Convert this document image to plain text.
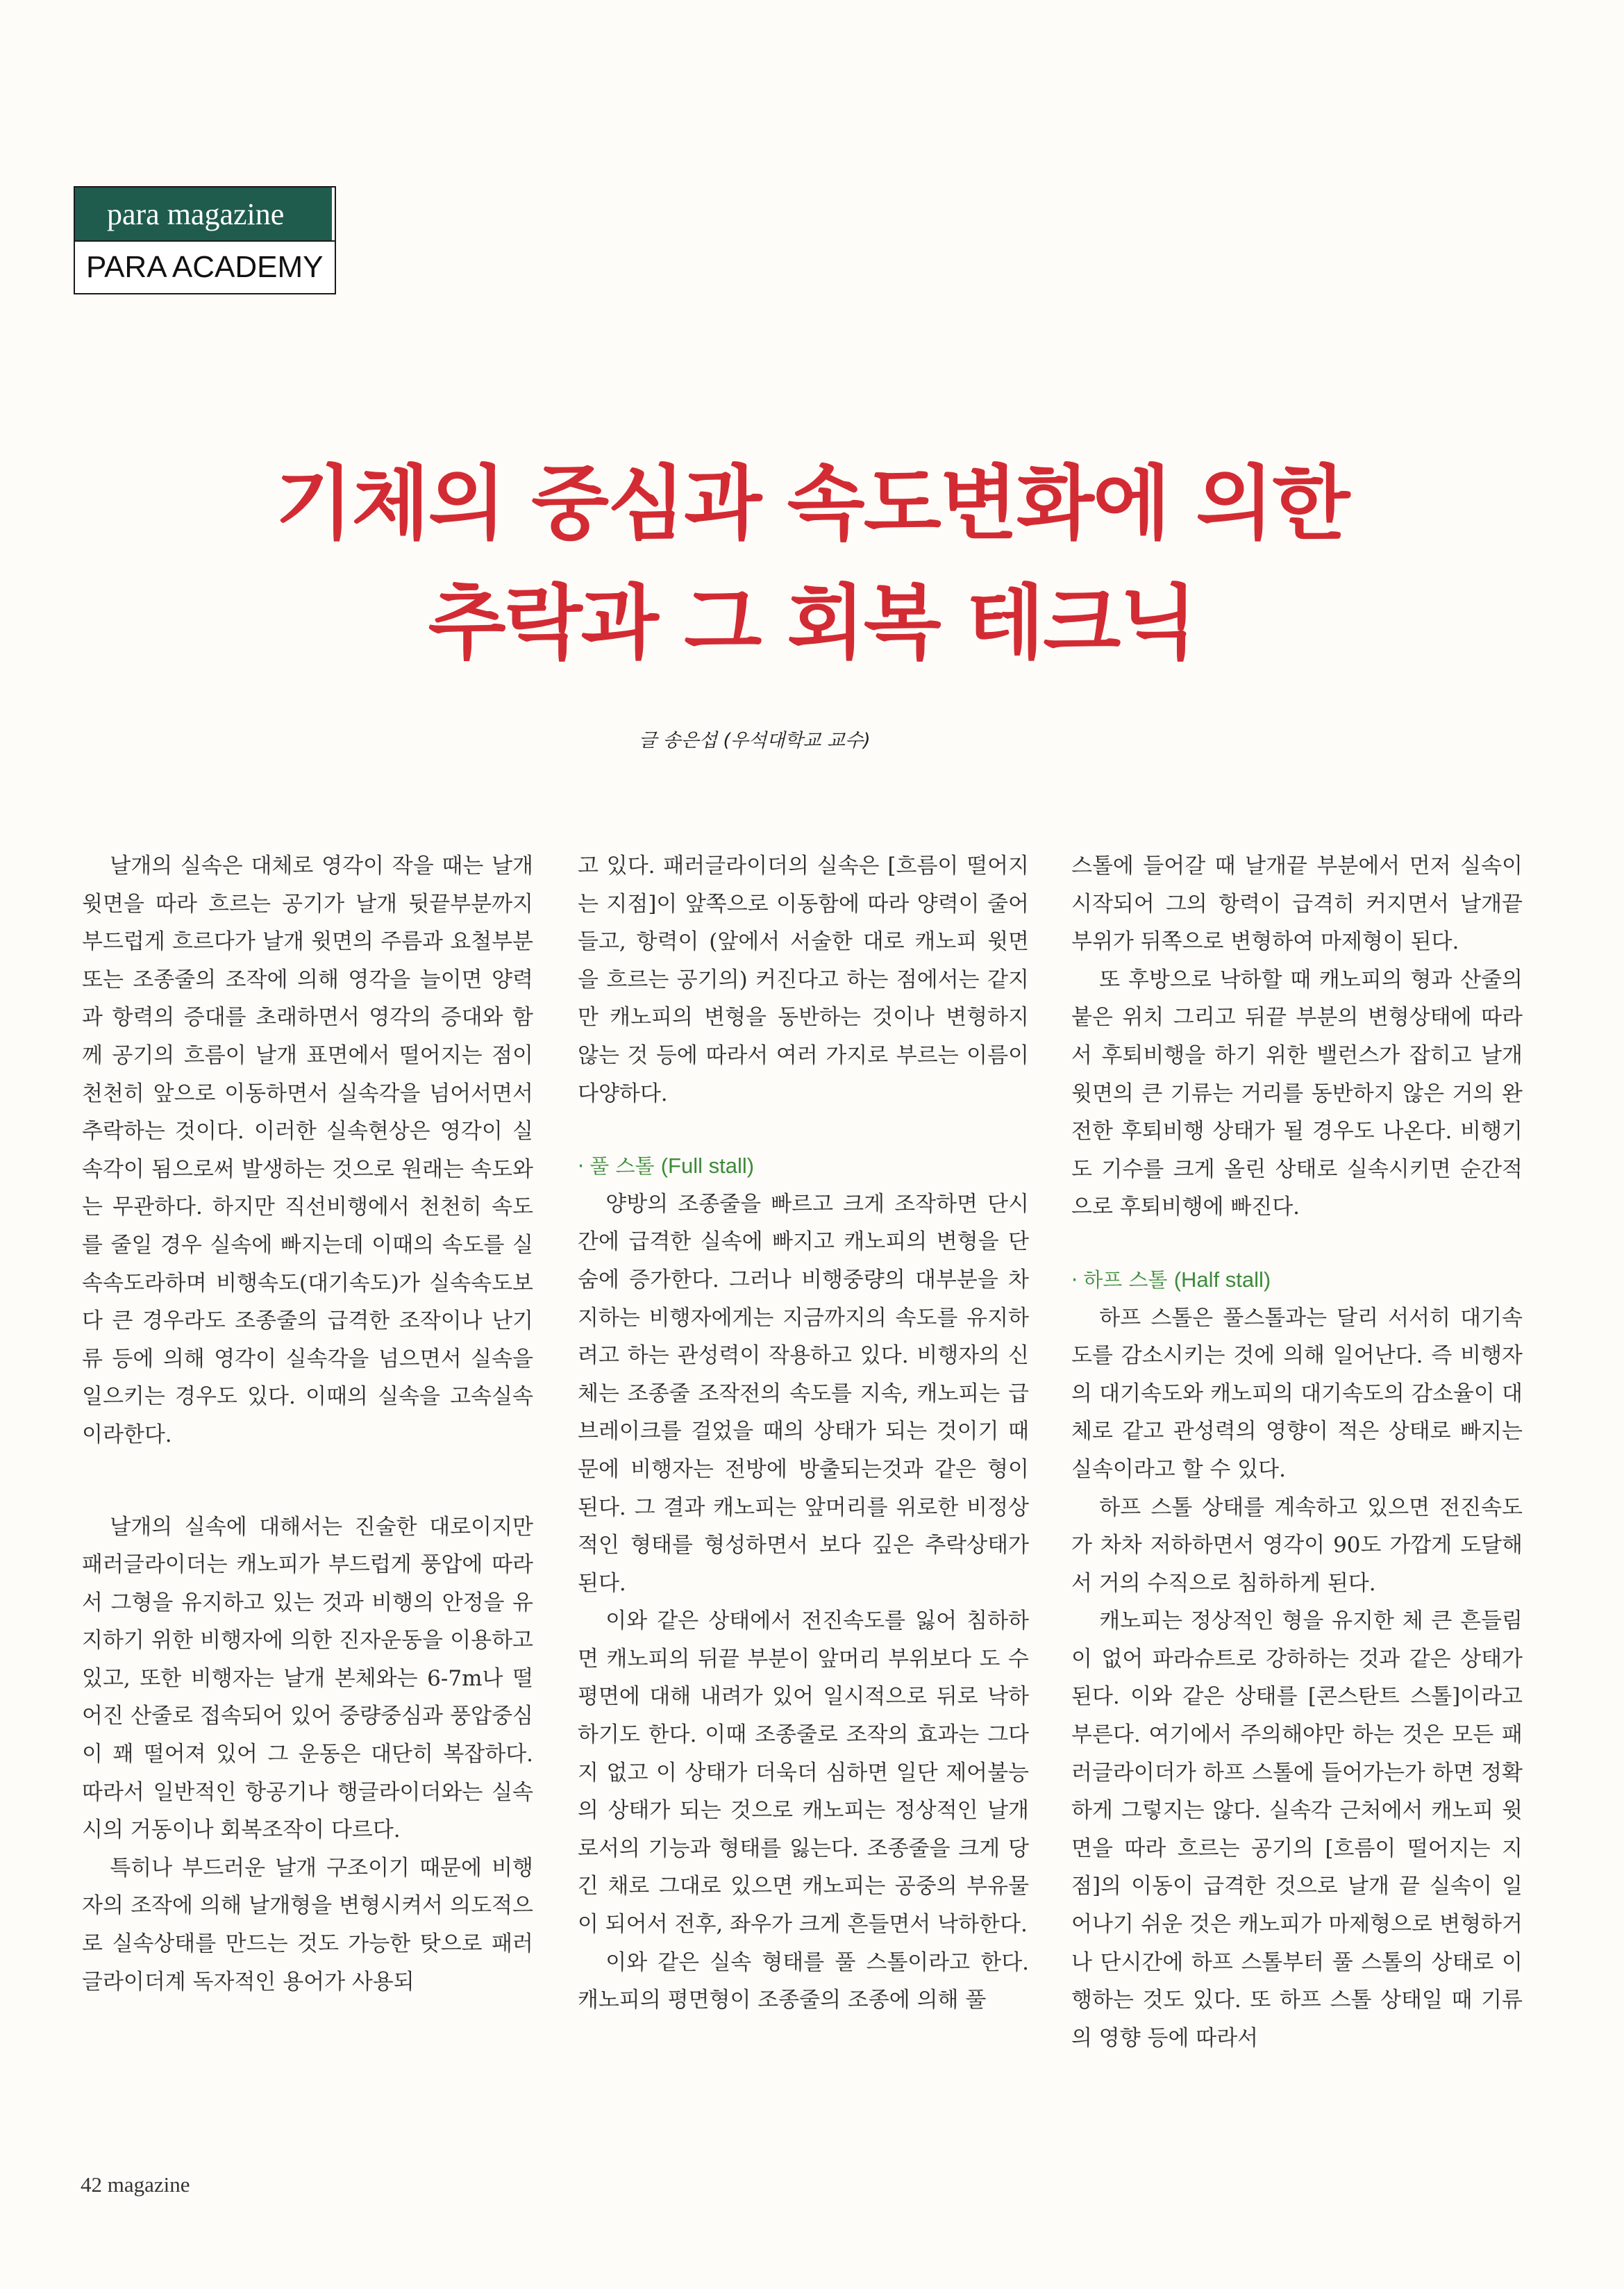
para magazine
PARA ACADEMY
기체의 중심과 속도변화에 의한
추락과 그 회복 테크닉
글 송은섭 (우석대학교 교수)

날개의 실속은 대체로 영각이 작을 때는 날개 윗면을 따라 흐르는 공기가 날개 뒷끝부분까지 부드럽게 흐르다가 날개 윗면의 주름과 요철부분 또는 조종줄의 조작에 의해 영각을 늘이면 양력과 항력의 증대를 초래하면서 영각의 증대와 함께 공기의 흐름이 날개 표면에서 떨어지는 점이 천천히 앞으로 이동하면서 실속각을 넘어서면서 추락하는 것이다. 이러한 실속현상은 영각이 실속각이 됨으로써 발생하는 것으로 원래는 속도와는 무관하다. 하지만 직선비행에서 천천히 속도를 줄일 경우 실속에 빠지는데 이때의 속도를 실속속도라하며 비행속도(대기속도)가 실속속도보다 큰 경우라도 조종줄의 급격한 조작이나 난기류 등에 의해 영각이 실속각을 넘으면서 실속을 일으키는 경우도 있다. 이때의 실속을 고속실속이라한다.

날개의 실속에 대해서는 진술한 대로이지만 패러글라이더는 캐노피가 부드럽게 풍압에 따라서 그형을 유지하고 있는 것과 비행의 안정을 유지하기 위한 비행자에 의한 진자운동을 이용하고 있고, 또한 비행자는 날개 본체와는 6-7m나 떨어진 산줄로 접속되어 있어 중량중심과 풍압중심이 꽤 떨어져 있어 그 운동은 대단히 복잡하다. 따라서 일반적인 항공기나 행글라이더와는 실속시의 거동이나 회복조작이 다르다.

특히나 부드러운 날개 구조이기 때문에 비행자의 조작에 의해 날개형을 변형시켜서 의도적으로 실속상태를 만드는 것도 가능한 탓으로 패러글라이더계 독자적인 용어가 사용되

고 있다. 패러글라이더의 실속은 [흐름이 떨어지는 지점]이 앞쪽으로 이동함에 따라 양력이 줄어들고, 항력이 (앞에서 서술한 대로 캐노피 윗면을 흐르는 공기의) 커진다고 하는 점에서는 같지만 캐노피의 변형을 동반하는 것이나 변형하지 않는 것 등에 따라서 여러 가지로 부르는 이름이 다양하다.

· 풀 스톨 (Full stall)

양방의 조종줄을 빠르고 크게 조작하면 단시간에 급격한 실속에 빠지고 캐노피의 변형을 단숨에 증가한다. 그러나 비행중량의 대부분을 차지하는 비행자에게는 지금까지의 속도를 유지하려고 하는 관성력이 작용하고 있다. 비행자의 신체는 조종줄 조작전의 속도를 지속, 캐노피는 급브레이크를 걸었을 때의 상태가 되는 것이기 때문에 비행자는 전방에 방출되는것과 같은 형이 된다. 그 결과 캐노피는 앞머리를 위로한 비정상적인 형태를 형성하면서 보다 깊은 추락상태가 된다.

이와 같은 상태에서 전진속도를 잃어 침하하면 캐노피의 뒤끝 부분이 앞머리 부위보다 도 수평면에 대해 내려가 있어 일시적으로 뒤로 낙하하기도 한다. 이때 조종줄로 조작의 효과는 그다지 없고 이 상태가 더욱더 심하면 일단 제어불능의 상태가 되는 것으로 캐노피는 정상적인 날개로서의 기능과 형태를 잃는다. 조종줄을 크게 당긴 채로 그대로 있으면 캐노피는 공중의 부유물이 되어서 전후, 좌우가 크게 흔들면서 낙하한다.

이와 같은 실속 형태를 풀 스톨이라고 한다. 캐노피의 평면형이 조종줄의 조종에 의해 풀

스톨에 들어갈 때 날개끝 부분에서 먼저 실속이 시작되어 그의 항력이 급격히 커지면서 날개끝 부위가 뒤쪽으로 변형하여 마제형이 된다.

또 후방으로 낙하할 때 캐노피의 형과 산줄의 붙은 위치 그리고 뒤끝 부분의 변형상태에 따라서 후퇴비행을 하기 위한 밸런스가 잡히고 날개 윗면의 큰 기류는 거리를 동반하지 않은 거의 완전한 후퇴비행 상태가 될 경우도 나온다. 비행기도 기수를 크게 올린 상태로 실속시키면 순간적으로 후퇴비행에 빠진다.

· 하프 스톨 (Half stall)

하프 스톨은 풀스톨과는 달리 서서히 대기속도를 감소시키는 것에 의해 일어난다. 즉 비행자의 대기속도와 캐노피의 대기속도의 감소율이 대체로 같고 관성력의 영향이 적은 상태로 빠지는 실속이라고 할 수 있다.

하프 스톨 상태를 계속하고 있으면 전진속도가 차차 저하하면서 영각이 90도 가깝게 도달해서 거의 수직으로 침하하게 된다.

캐노피는 정상적인 형을 유지한 체 큰 흔들림이 없어 파라슈트로 강하하는 것과 같은 상태가 된다. 이와 같은 상태를 [콘스탄트 스톨]이라고 부른다. 여기에서 주의해야만 하는 것은 모든 패러글라이더가 하프 스톨에 들어가는가 하면 정확하게 그렇지는 않다. 실속각 근처에서 캐노피 윗면을 따라 흐르는 공기의 [흐름이 떨어지는 지점]의 이동이 급격한 것으로 날개 끝 실속이 일어나기 쉬운 것은 캐노피가 마제형으로 변형하거나 단시간에 하프 스톨부터 풀 스톨의 상태로 이행하는 것도 있다. 또 하프 스톨 상태일 때 기류의 영향 등에 따라서

42 magazine
